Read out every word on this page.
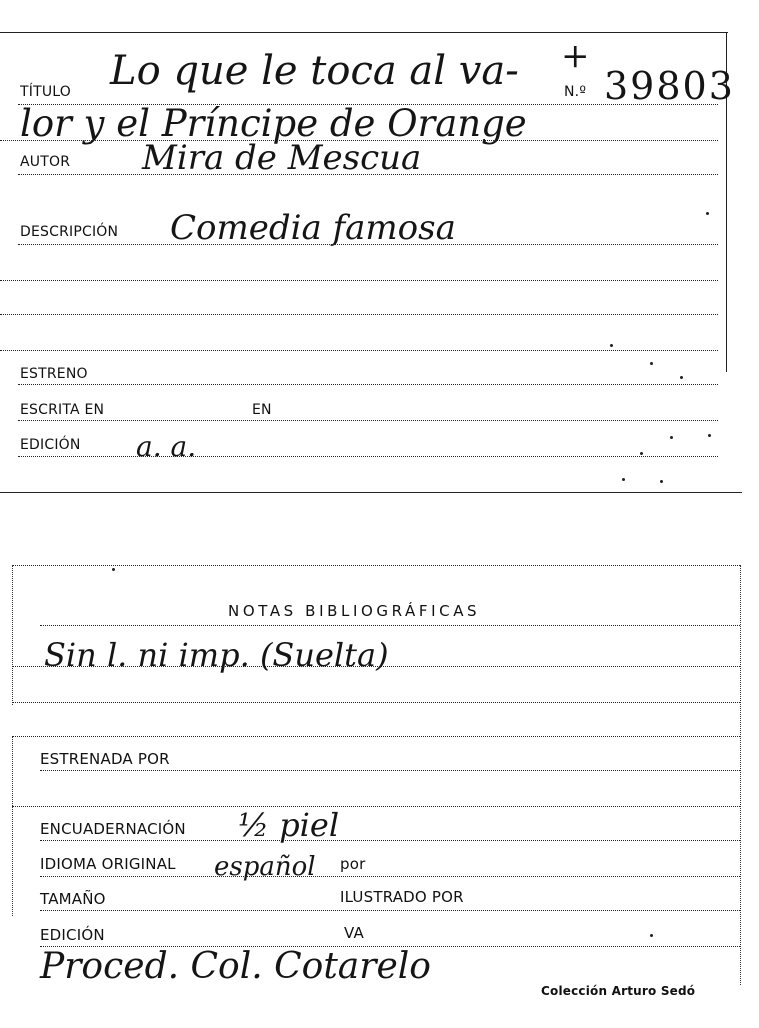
TÍTULO Lo que le toca al va-	N.º
+
39803
lor y el Príncipe de Orange
AUTOR Mira de Mescua
DESCRIPCIÓN Comedia famosa
ESTRENO
ESCRITA EN	EN
EDICIÓN a. a.
NOTAS BIBLIOGRÁFICAS
Sin l. ni imp. (Suelta)
ESTRENADA POR
ENCUADERNACIÓN ½ piel
IDIOMA ORIGINAL español por
TAMAÑO	ILUSTRADO POR
EDICIÓN	VA
Proced. Col. Cotarelo
Colección Arturo Sedó
